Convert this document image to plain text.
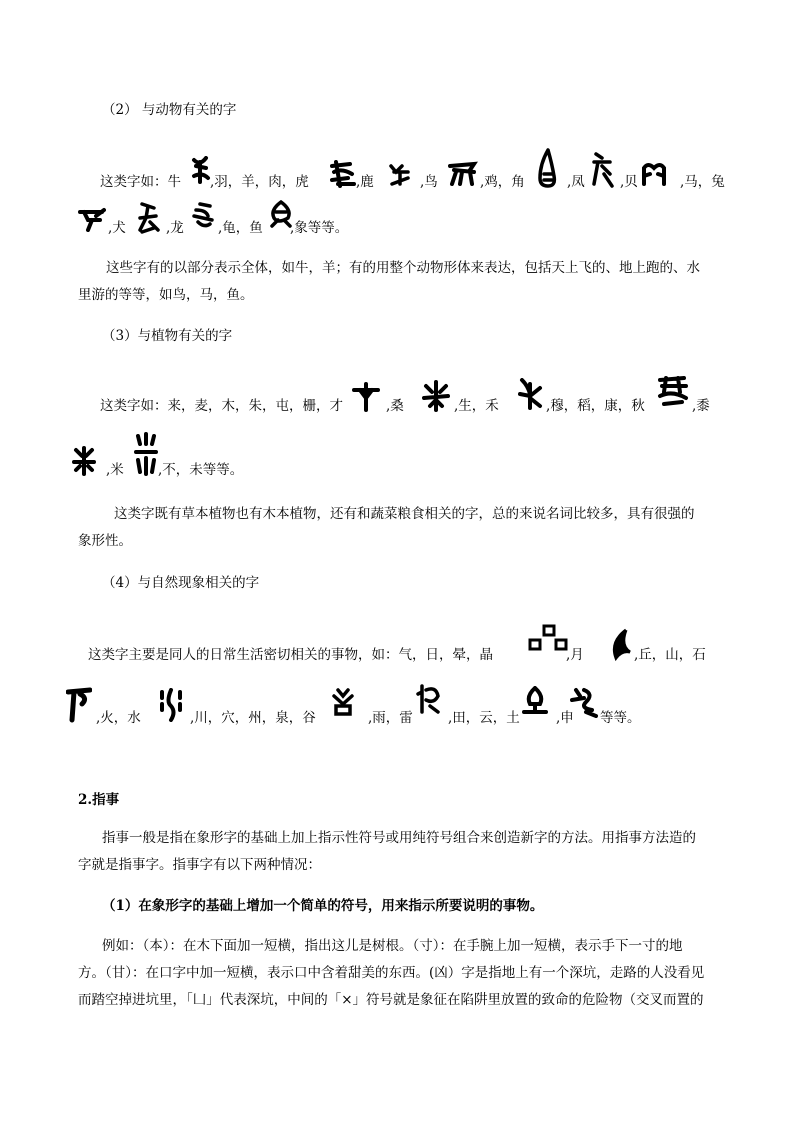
（2） 与动物有关的字
这类字如：牛 ,羽，羊，肉，虎	,鹿	,鸟	,鸡，角	,凤	,贝	,马，兔
,犬	,龙	,龟，鱼 ,象等等。
这些字有的以部分表示全体，如牛，羊；有的用整个动物形体来表达，包括天上飞的、地上跑的、水
里游的等等，如鸟，马，鱼。
（3）与植物有关的字
这类字如：来，麦，木，朱，屯，栅，才	,桑	,生，禾	,穆，稻，康，秋	,黍
,米	,不，未等等。
这类字既有草本植物也有木本植物，还有和蔬菜粮食相关的字，总的来说名词比较多，具有很强的
象形性。
（4）与自然现象相关的字
这类字主要是同人的日常生活密切相关的事物，如：气，日，晕，晶	,月	,丘，山，石
,火，水	,川，穴，州，泉，谷	,雨，雷	,田，云，土	,申 等等。
2.指事
指事一般是指在象形字的基础上加上指示性符号或用纯符号组合来创造新字的方法。用指事方法造的
字就是指事字。指事字有以下两种情况：
（1）在象形字的基础上增加一个简单的符号，用来指示所要说明的事物。
例如：（本）：在木下面加一短横，指出这儿是树根。（寸）：在手腕上加一短横，表示手下一寸的地
方。（甘）：在口字中加一短横，表示口中含着甜美的东西。(凶）字是指地上有一个深坑，走路的人没看见
而踏空掉进坑里，「凵」代表深坑，中间的「×」符号就是象征在陷阱里放置的致命的危险物（交叉而置的
